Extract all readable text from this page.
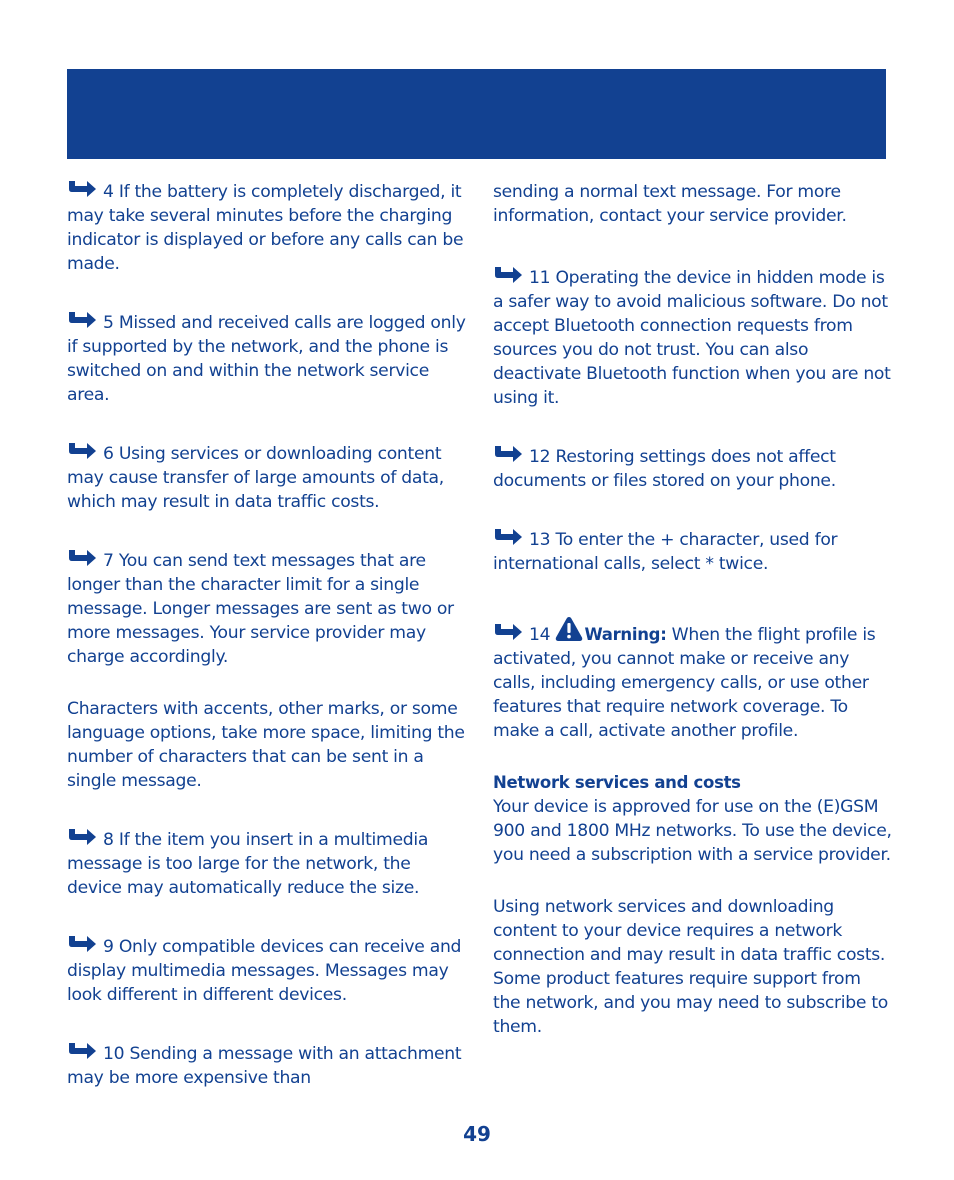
4 If the battery is completely discharged, it may take several minutes before the charging indicator is displayed or before any calls can be made.

5 Missed and received calls are logged only if supported by the network, and the phone is switched on and within the network service area.

6 Using services or downloading content may cause transfer of large amounts of data, which may result in data traffic costs.

7 You can send text messages that are longer than the character limit for a single message. Longer messages are sent as two or more messages. Your service provider may charge accordingly.

Characters with accents, other marks, or some language options, take more space, limiting the number of characters that can be sent in a single message.

8 If the item you insert in a multimedia message is too large for the network, the device may automatically reduce the size.

9 Only compatible devices can receive and display multimedia messages. Messages may look different in different devices.

10 Sending a message with an attachment may be more expensive than

sending a normal text message. For more information, contact your service provider.

11 Operating the device in hidden mode is a safer way to avoid malicious software. Do not accept Bluetooth connection requests from sources you do not trust. You can also deactivate Bluetooth function when you are not using it.

12 Restoring settings does not affect documents or files stored on your phone.

13 To enter the + character, used for international calls, select * twice.

14 Warning: When the flight profile is activated, you cannot make or receive any calls, including emergency calls, or use other features that require network coverage. To make a call, activate another profile.

Network services and costs
Your device is approved for use on the (E)GSM 900 and 1800 MHz networks. To use the device, you need a subscription with a service provider.

Using network services and downloading content to your device requires a network connection and may result in data traffic costs. Some product features require support from the network, and you may need to subscribe to them.

49
